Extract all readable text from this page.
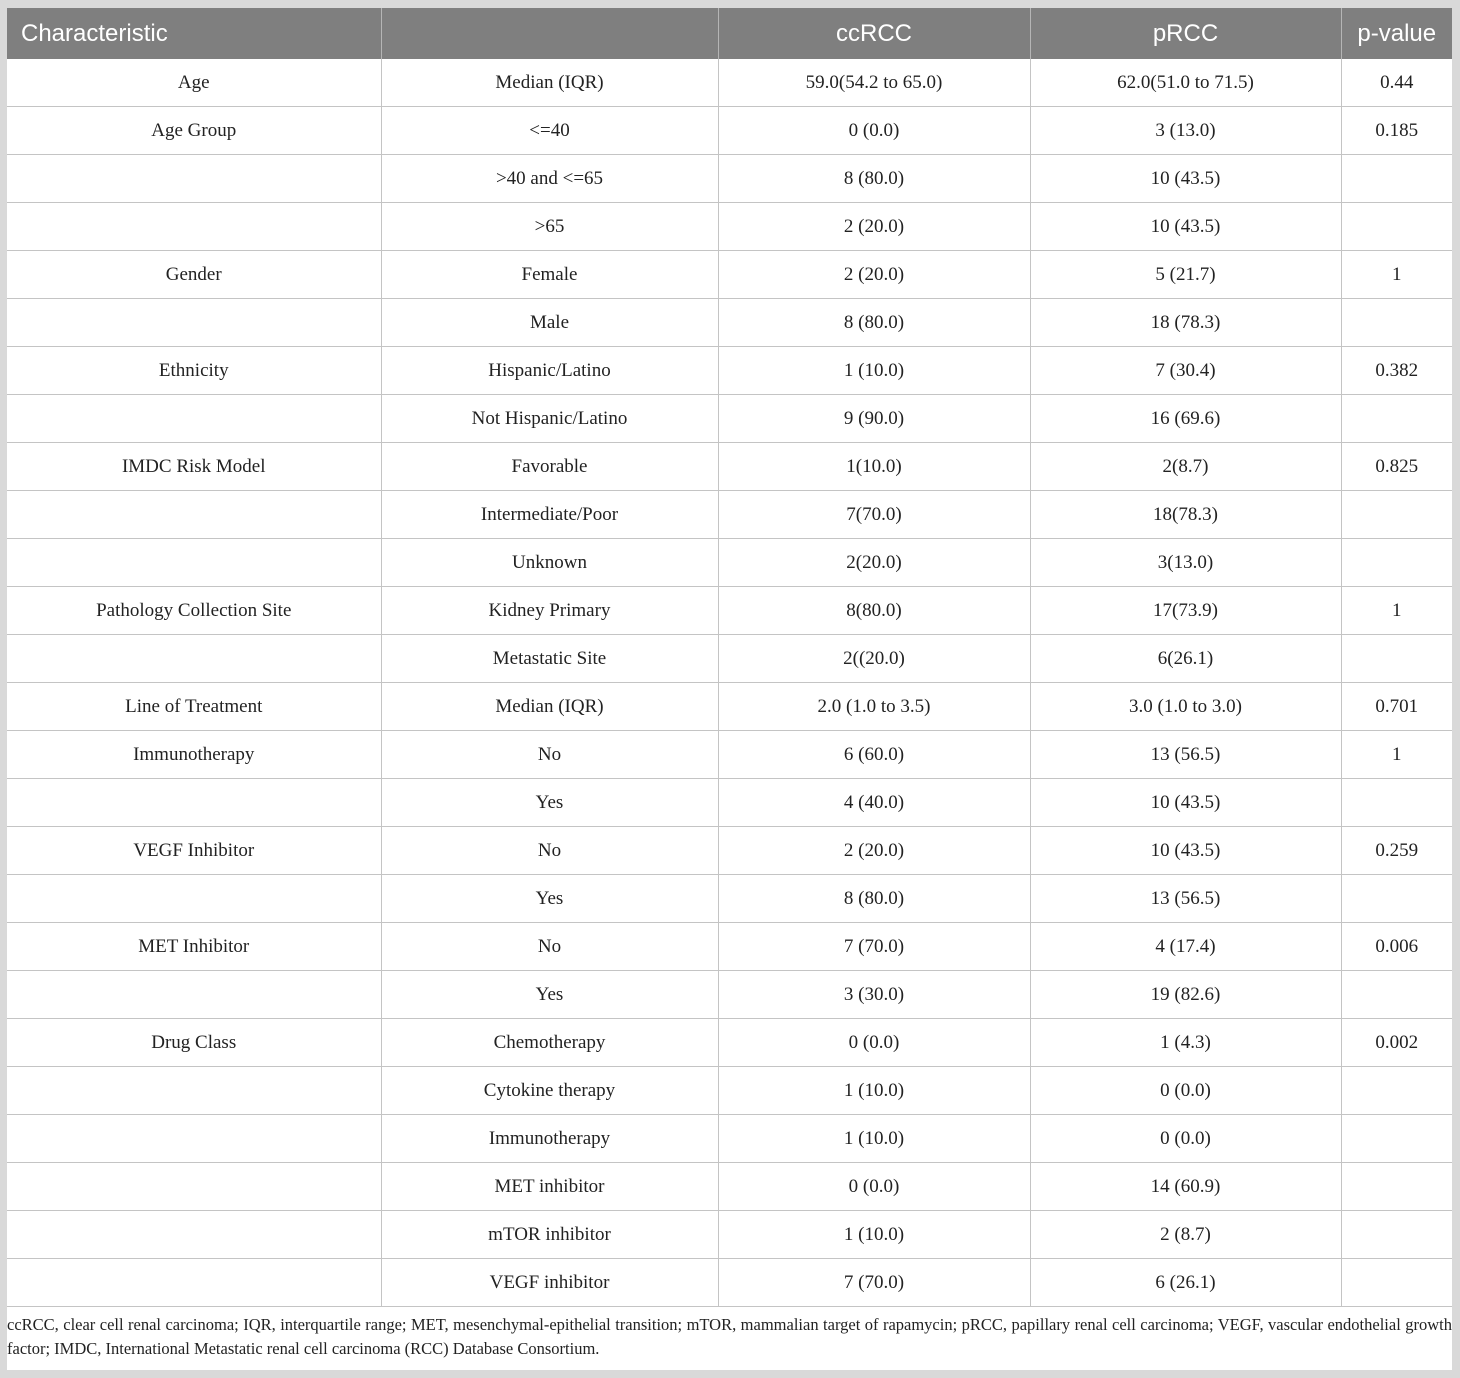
Characteristic		ccRCC	pRCC	p-value
Age	Median (IQR)	59.0(54.2 to 65.0)	62.0(51.0 to 71.5)	0.44
Age Group	<=40	0 (0.0)	3 (13.0)	0.185
	>40 and <=65	8 (80.0)	10 (43.5)	
	>65	2 (20.0)	10 (43.5)	
Gender	Female	2 (20.0)	5 (21.7)	1
	Male	8 (80.0)	18 (78.3)	
Ethnicity	Hispanic/Latino	1 (10.0)	7 (30.4)	0.382
	Not Hispanic/Latino	9 (90.0)	16 (69.6)	
IMDC Risk Model	Favorable	1(10.0)	2(8.7)	0.825
	Intermediate/Poor	7(70.0)	18(78.3)	
	Unknown	2(20.0)	3(13.0)	
Pathology Collection Site	Kidney Primary	8(80.0)	17(73.9)	1
	Metastatic Site	2((20.0)	6(26.1)	
Line of Treatment	Median (IQR)	2.0 (1.0 to 3.5)	3.0 (1.0 to 3.0)	0.701
Immunotherapy	No	6 (60.0)	13 (56.5)	1
	Yes	4 (40.0)	10 (43.5)	
VEGF Inhibitor	No	2 (20.0)	10 (43.5)	0.259
	Yes	8 (80.0)	13 (56.5)	
MET Inhibitor	No	7 (70.0)	4 (17.4)	0.006
	Yes	3 (30.0)	19 (82.6)	
Drug Class	Chemotherapy	0 (0.0)	1 (4.3)	0.002
	Cytokine therapy	1 (10.0)	0 (0.0)	
	Immunotherapy	1 (10.0)	0 (0.0)	
	MET inhibitor	0 (0.0)	14 (60.9)	
	mTOR inhibitor	1 (10.0)	2 (8.7)	
	VEGF inhibitor	7 (70.0)	6 (26.1)	
ccRCC, clear cell renal carcinoma; IQR, interquartile range; MET, mesenchymal-epithelial transition; mTOR, mammalian target of rapamycin; pRCC, papillary renal cell carcinoma; VEGF, vascular endothelial growth factor; IMDC, International Metastatic renal cell carcinoma (RCC) Database Consortium.
